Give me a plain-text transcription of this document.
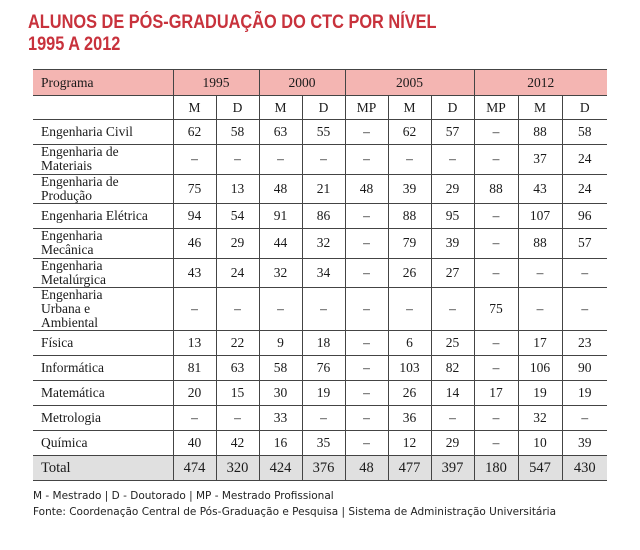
ALUNOS DE PÓS-GRADUAÇÃO DO CTC POR NÍVEL
1995 A 2012
Programa	1995		2000		2005			2012		
	M	D	M	D	MP	M	D	MP	M	D
Engenharia Civil	62	58	63	55	–	62	57	–	88	58
Engenharia de Materiais	–	–	–	–	–	–	–	–	37	24
Engenharia de Produção	75	13	48	21	48	39	29	88	43	24
Engenharia Elétrica	94	54	91	86	–	88	95	–	107	96
Engenharia Mecânica	46	29	44	32	–	79	39	–	88	57
Engenharia Metalúrgica	43	24	32	34	–	26	27	–	–	–
Engenharia Urbana e Ambiental	–	–	–	–	–	–	–	75	–	–
Física	13	22	9	18	–	6	25	–	17	23
Informática	81	63	58	76	–	103	82	–	106	90
Matemática	20	15	30	19	–	26	14	17	19	19
Metrologia	–	–	33	–	–	36	–	–	32	–
Química	40	42	16	35	–	12	29	–	10	39
Total	474	320	424	376	48	477	397	180	547	430
M - Mestrado | D - Doutorado | MP - Mestrado Profissional
Fonte: Coordenação Central de Pós-Graduação e Pesquisa | Sistema de Administração Universitária
